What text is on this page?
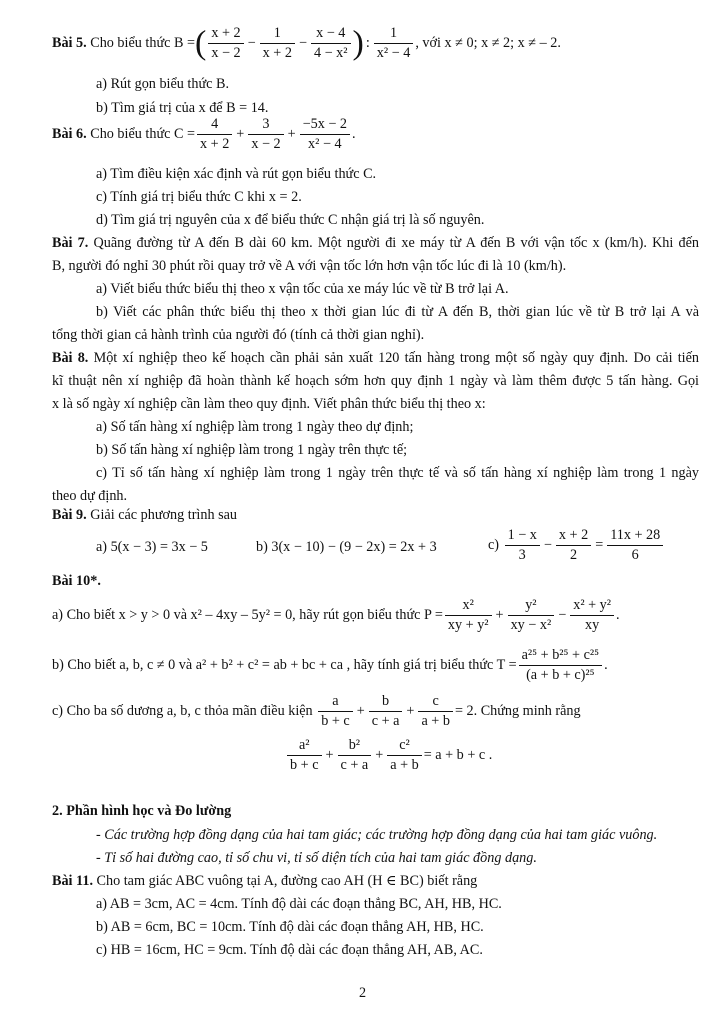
Bài 5. Cho biểu thức B =( $\frac{x + 2}{x - 2} - \frac{1}{x + 2} - \frac{x - 4}{\text{4 − x²}}$ ) : $\frac{1}{\text{x² − 4}}$ , với x ≠ 0; x ≠ 2; x ≠ – 2.
a) Rút gọn biểu thức B.
b) Tìm giá trị của x để B = 14.
Bài 6. Cho biểu thức $C = \frac{4}{x + 2} + \frac{3}{x - 2} + \frac{-5x - 2}{\text{x² − 4}}$ .
a) Tìm điều kiện xác định và rút gọn biểu thức C.
c) Tính giá trị biểu thức C khi x = 2.
d) Tìm giá trị nguyên của x để biểu thức C nhận giá trị là số nguyên.
Bài 7. Quãng đường từ A đến B dài 60 km. Một người đi xe máy từ A đến B với vận tốc x (km/h). Khi đến
B, người đó nghỉ 30 phút rồi quay trở về A với vận tốc lớn hơn vận tốc lúc đi là 10 (km/h).
a) Viết biểu thức biểu thị theo x vận tốc của xe máy lúc về từ B trở lại A.
b) Viết các phân thức biểu thị theo x thời gian lúc đi từ A đến B, thời gian lúc về từ B trở lại A và
tổng thời gian cả hành trình của người đó (tính cả thời gian nghỉ).
Bài 8. Một xí nghiệp theo kế hoạch cần phải sản xuất 120 tấn hàng trong một số ngày quy định. Do cải tiến
kĩ thuật nên xí nghiệp đã hoàn thành kế hoạch sớm hơn quy định 1 ngày và làm thêm được 5 tấn hàng. Gọi
x là số ngày xí nghiệp cần làm theo quy định. Viết phân thức biểu thị theo x:
a) Số tấn hàng xí nghiệp làm trong 1 ngày theo dự định;
b) Số tấn hàng xí nghiệp làm trong 1 ngày trên thực tế;
c) Tỉ số tấn hàng xí nghiệp làm trong 1 ngày trên thực tế và số tấn hàng xí nghiệp làm trong 1 ngày
theo dự định.
Bài 9. Giải các phương trình sau
a) 5(x − 3) = 3x − 5	b) 3(x − 10) − (9 − 2x) = 2x + 3	$c) \frac{1 - x}{3} - \frac{x + 2}{2} = \frac{11x + 28}{6}$
Bài 10*.
a) Cho biết x > y > 0 và x² – 4xy – 5y² = 0, hãy rút gọn biểu thức $P = \frac{\text{x²}}{\text{xy + y²}} + \frac{\text{y²}}{\text{xy − x²}} - \frac{\text{x² + y²}}{xy}$ .
b) Cho biết a, b, c ≠ 0 và a² + b² + c² = ab + bc + ca , hãy tính giá trị biểu thức $T = \frac{\text{a²⁵ + b²⁵ + c²⁵}}{\text{(a + b + c)²⁵}}$ .
c) Cho ba số dương a, b, c thỏa mãn điều kiện $\frac{a}{b + c} + \frac{b}{c + a} + \frac{c}{a + b} = 2$. Chứng minh rằng
$\frac{\text{a²}}{b + c} + \frac{\text{b²}}{c + a} + \frac{\text{c²}}{a + b} = a + b + c$ .
2. Phần hình học và Đo lường
- Các trường hợp đồng dạng của hai tam giác; các trường hợp đồng dạng của hai tam giác vuông.
- Tỉ số hai đường cao, tỉ số chu vi, tỉ số diện tích của hai tam giác đồng dạng.
Bài 11. Cho tam giác ABC vuông tại A, đường cao AH (H ∈ BC) biết rằng
a) AB = 3cm, AC = 4cm. Tính độ dài các đoạn thẳng BC, AH, HB, HC.
b) AB = 6cm, BC = 10cm. Tính độ dài các đoạn thẳng AH, HB, HC.
c) HB = 16cm, HC = 9cm. Tính độ dài các đoạn thẳng AH, AB, AC.
2
